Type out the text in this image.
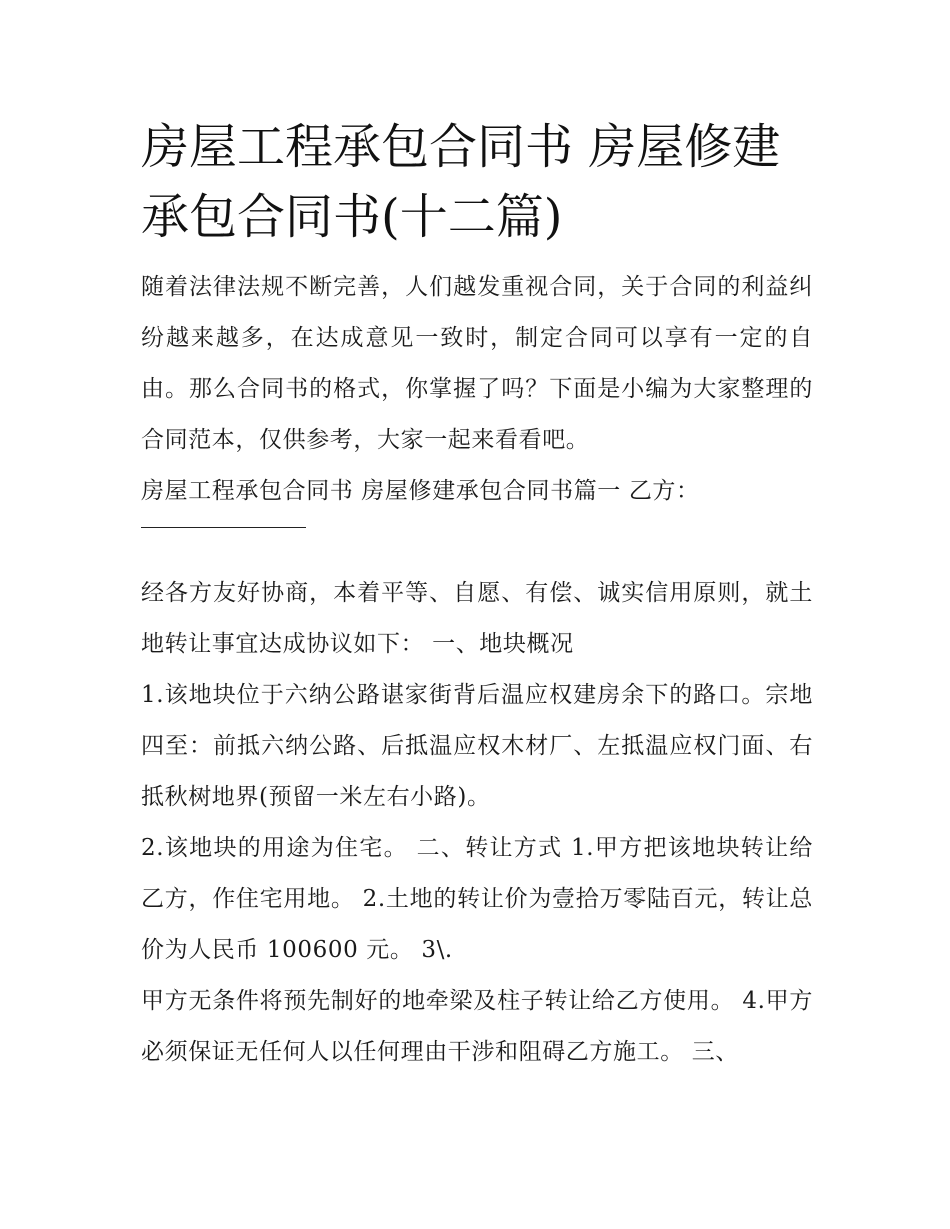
房屋工程承包合同书 房屋修建承包合同书(十二篇)

随着法律法规不断完善，人们越发重视合同，关于合同的利益纠纷越来越多，在达成意见一致时，制定合同可以享有一定的自由。那么合同书的格式，你掌握了吗？下面是小编为大家整理的合同范本，仅供参考，大家一起来看看吧。

房屋工程承包合同书 房屋修建承包合同书篇一 乙方：

经各方友好协商，本着平等、自愿、有偿、诚实信用原则，就土地转让事宜达成协议如下： 一、地块概况

1.该地块位于六纳公路谌家街背后温应权建房余下的路口。宗地四至：前抵六纳公路、后抵温应权木材厂、左抵温应权门面、右抵秋树地界(预留一米左右小路)。

2.该地块的用途为住宅。 二、转让方式 1.甲方把该地块转让给乙方，作住宅用地。 2.土地的转让价为壹拾万零陆百元，转让总价为人民币 100600 元。 3\.

甲方无条件将预先制好的地牵梁及柱子转让给乙方使用。 4.甲方必须保证无任何人以任何理由干涉和阻碍乙方施工。 三、
